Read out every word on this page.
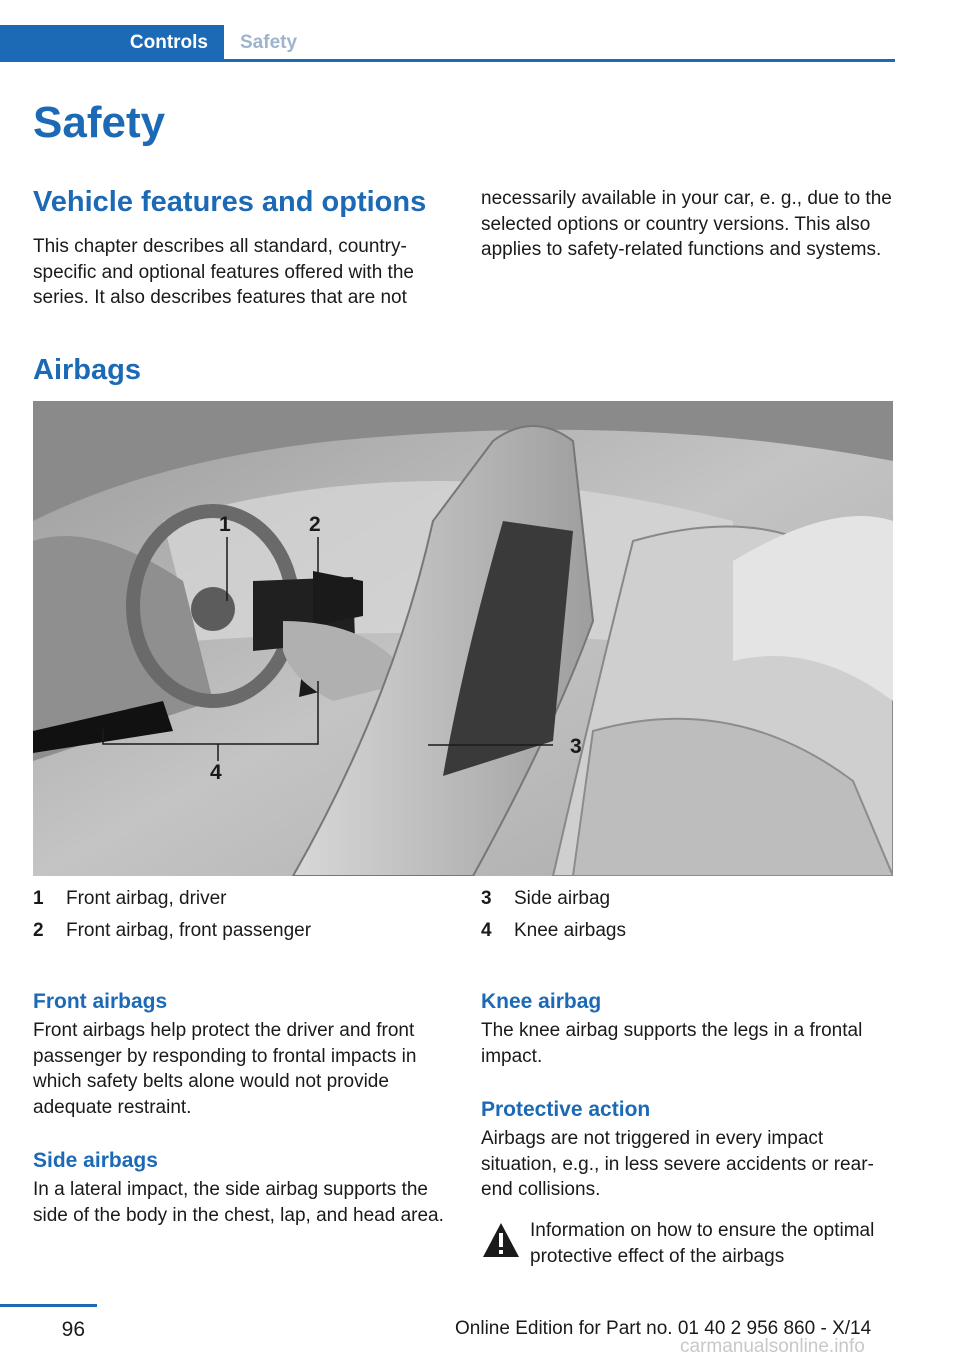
Controls	Safety
Safety
Vehicle features and options
This chapter describes all standard, country-specific and optional features offered with the series. It also describes features that are not
necessarily available in your car, e. g., due to the selected options or country versions. This also applies to safety-related functions and systems.
Airbags
1	2
3
4
1	Front airbag, driver
2	Front airbag, front passenger
3	Side airbag
4	Knee airbags
Front airbags
Front airbags help protect the driver and front passenger by responding to frontal impacts in which safety belts alone would not provide adequate restraint.
Side airbags
In a lateral impact, the side airbag supports the side of the body in the chest, lap, and head area.
Knee airbag
The knee airbag supports the legs in a frontal impact.
Protective action
Airbags are not triggered in every impact situation, e.g., in less severe accidents or rear-end collisions.
Information on how to ensure the optimal protective effect of the airbags
96	Online Edition for Part no. 01 40 2 956 860 - X/14
carmanualsonline.info
